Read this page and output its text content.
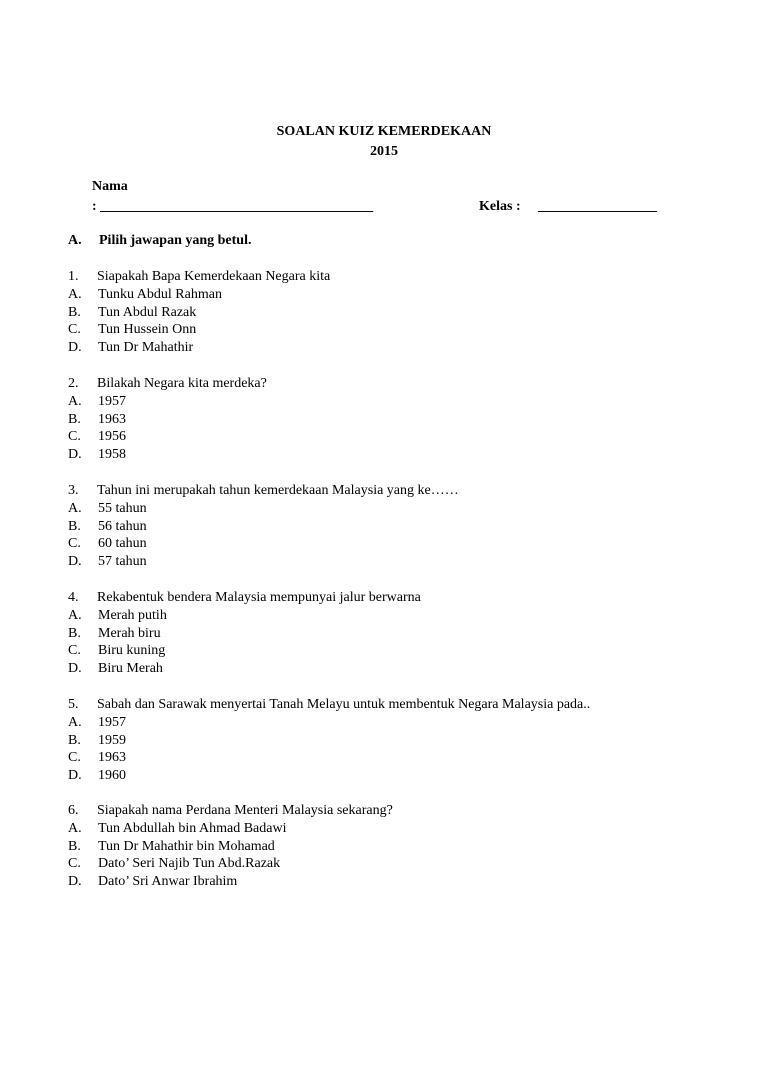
SOALAN KUIZ KEMERDEKAAN
2015
Nama
: _______________________________________	Kelas : _________________
A. Pilih jawapan yang betul.
1. Siapakah Bapa Kemerdekaan Negara kita
A. Tunku Abdul Rahman
B. Tun Abdul Razak
C. Tun Hussein Onn
D. Tun Dr Mahathir
2. Bilakah Negara kita merdeka?
A. 1957
B. 1963
C. 1956
D. 1958
3. Tahun ini merupakah tahun kemerdekaan Malaysia yang ke……
A. 55 tahun
B. 56 tahun
C. 60 tahun
D. 57 tahun
4. Rekabentuk bendera Malaysia mempunyai jalur berwarna
A. Merah putih
B. Merah biru
C. Biru kuning
D. Biru Merah
5. Sabah dan Sarawak menyertai Tanah Melayu untuk membentuk Negara Malaysia pada..
A. 1957
B. 1959
C. 1963
D. 1960
6. Siapakah nama Perdana Menteri Malaysia sekarang?
A. Tun Abdullah bin Ahmad Badawi
B. Tun Dr Mahathir bin Mohamad
C. Dato’ Seri Najib Tun Abd.Razak
D. Dato’ Sri Anwar Ibrahim
